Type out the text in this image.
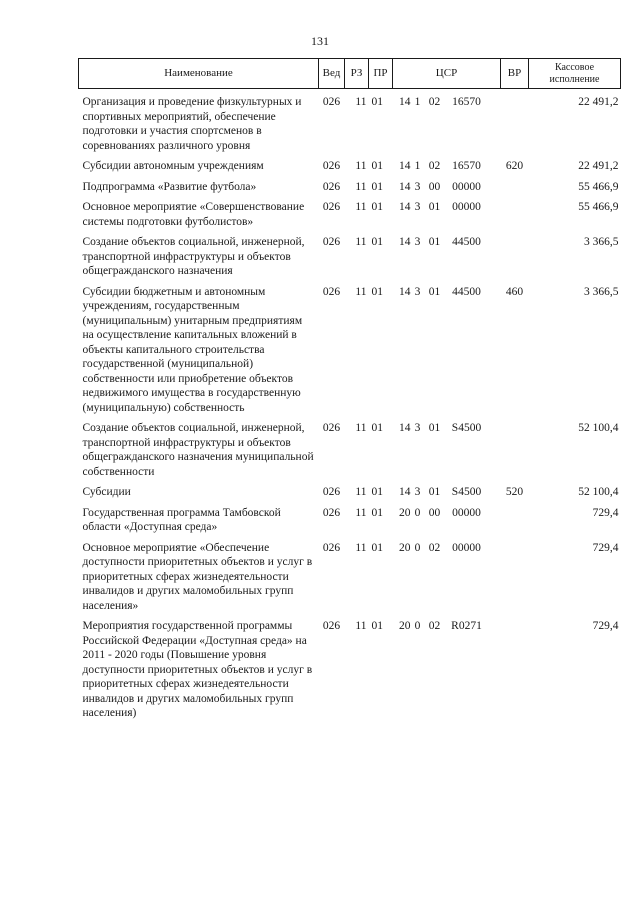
131
Наименование	Вед	РЗ	ПР	ЦСР	ВР	Кассовое исполнение
Организация и проведение физкультурных и спортивных мероприятий, обеспечение подготовки и участия спортсменов в соревнованиях различного уровня	026	11 01		14 1 02 16570		22 491,2
Субсидии автономным учреждениям	026	11 01		14 1 02 16570	620	22 491,2
Подпрограмма «Развитие футбола»	026	11 01		14 3 00 00000		55 466,9
Основное мероприятие «Совершенствование системы подготовки футболистов»	026	11 01		14 3 01 00000		55 466,9
Создание объектов социальной, инженерной, транспортной инфраструктуры и объектов общегражданского назначения	026	11 01		14 3 01 44500		3 366,5
Субсидии бюджетным и автономным учреждениям, государственным (муниципальным) унитарным предприятиям на осуществление капитальных вложений в объекты капитального строительства государственной (муниципальной) собственности или приобретение объектов недвижимого имущества в государственную (муниципальную) собственность	026	11 01		14 3 01 44500	460	3 366,5
Создание объектов социальной, инженерной, транспортной инфраструктуры и объектов общегражданского назначения муниципальной собственности	026	11 01		14 3 01 S4500		52 100,4
Субсидии	026	11 01		14 3 01 S4500	520	52 100,4
Государственная программа Тамбовской области «Доступная среда»	026	11 01		20 0 00 00000		729,4
Основное мероприятие «Обеспечение доступности приоритетных объектов и услуг в приоритетных сферах жизнедеятельности инвалидов и других маломобильных групп населения»	026	11 01		20 0 02 00000		729,4
Мероприятия государственной программы Российской Федерации «Доступная среда» на 2011 - 2020 годы (Повышение уровня доступности приоритетных объектов и услуг в приоритетных сферах жизнедеятельности инвалидов и других маломобильных групп населения)	026	11 01		20 0 02 R0271		729,4
